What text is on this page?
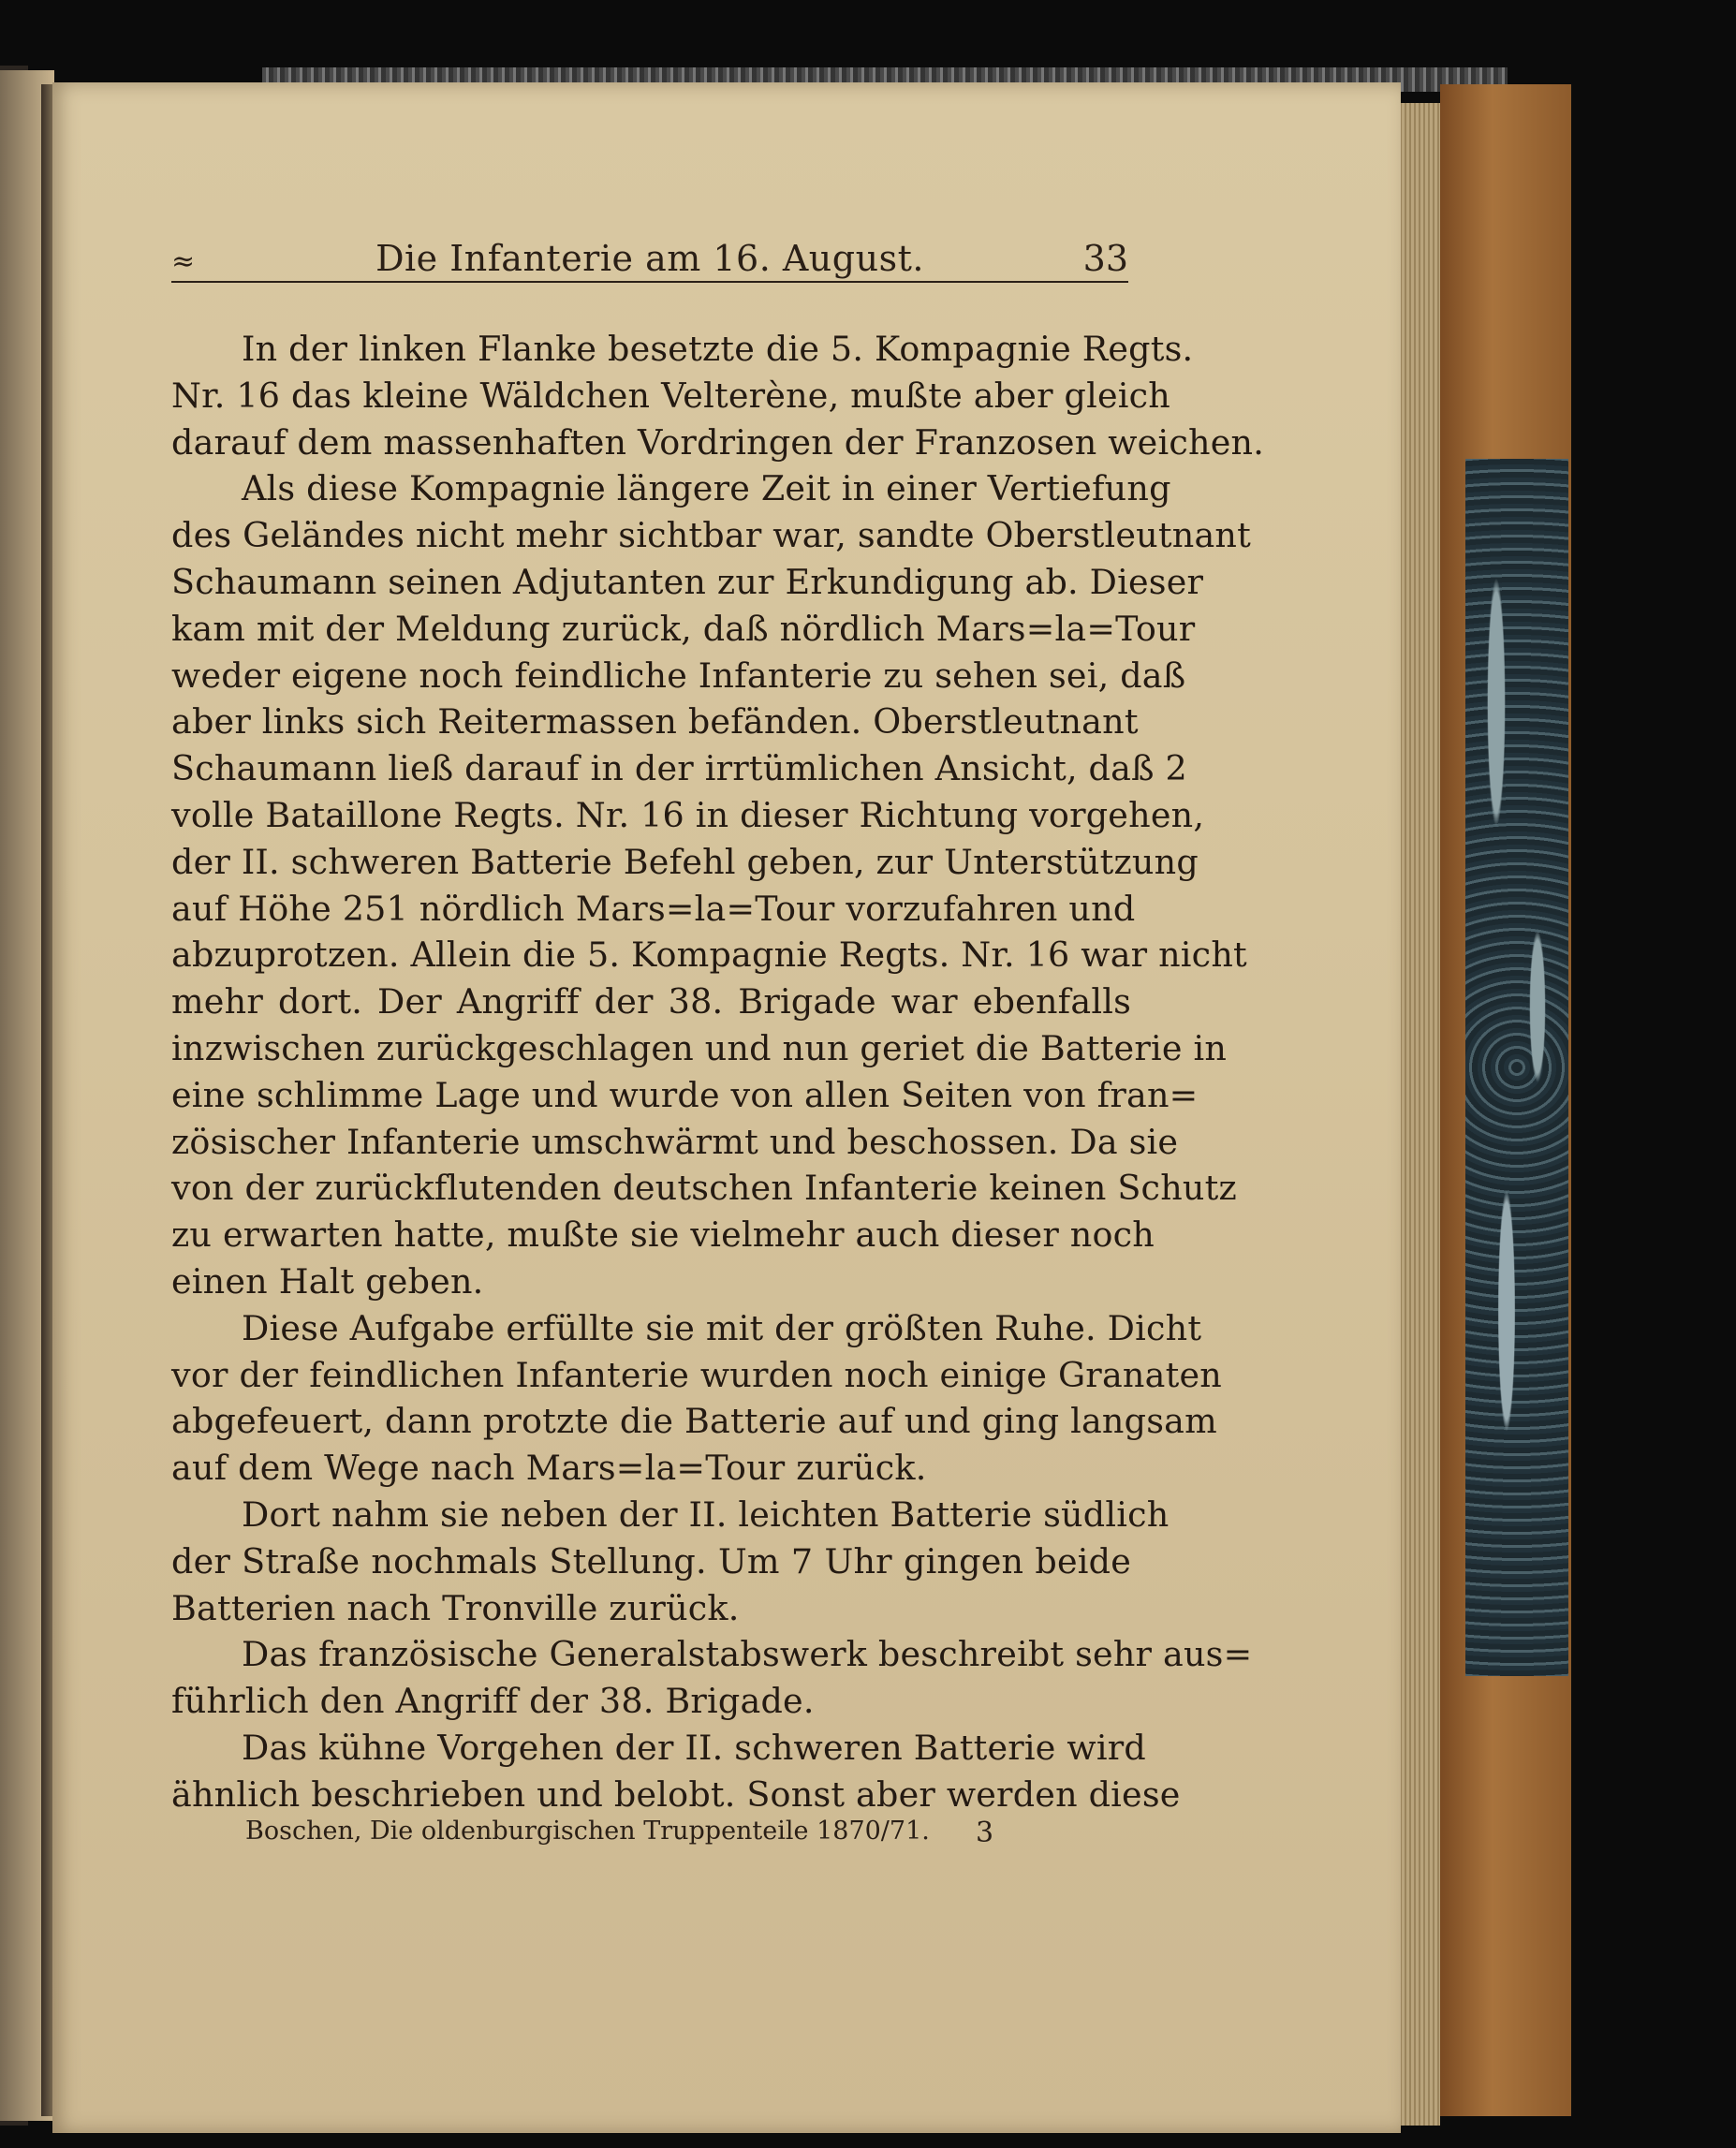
≈	Die Infanterie am 16. August.	33
In der linken Flanke besetzte die 5. Kompagnie Regts.
Nr. 16 das kleine Wäldchen Velterène, mußte aber gleich
darauf dem massenhaften Vordringen der Franzosen weichen.
Als diese Kompagnie längere Zeit in einer Vertiefung
des Geländes nicht mehr sichtbar war, sandte Oberstleutnant
Schaumann seinen Adjutanten zur Erkundigung ab. Dieser
kam mit der Meldung zurück, daß nördlich Mars=la=Tour
weder eigene noch feindliche Infanterie zu sehen sei, daß
aber links sich Reitermassen befänden. Oberstleutnant
Schaumann ließ darauf in der irrtümlichen Ansicht, daß 2
volle Bataillone Regts. Nr. 16 in dieser Richtung vorgehen,
der II. schweren Batterie Befehl geben, zur Unterstützung
auf Höhe 251 nördlich Mars=la=Tour vorzufahren und
abzuprotzen. Allein die 5. Kompagnie Regts. Nr. 16 war nicht
mehr dort. Der Angriff der 38. Brigade war ebenfalls
inzwischen zurückgeschlagen und nun geriet die Batterie in
eine schlimme Lage und wurde von allen Seiten von fran=
zösischer Infanterie umschwärmt und beschossen. Da sie
von der zurückflutenden deutschen Infanterie keinen Schutz
zu erwarten hatte, mußte sie vielmehr auch dieser noch
einen Halt geben.
Diese Aufgabe erfüllte sie mit der größten Ruhe. Dicht
vor der feindlichen Infanterie wurden noch einige Granaten
abgefeuert, dann protzte die Batterie auf und ging langsam
auf dem Wege nach Mars=la=Tour zurück.
Dort nahm sie neben der II. leichten Batterie südlich
der Straße nochmals Stellung. Um 7 Uhr gingen beide
Batterien nach Tronville zurück.
Das französische Generalstabswerk beschreibt sehr aus=
führlich den Angriff der 38. Brigade.
Das kühne Vorgehen der II. schweren Batterie wird
ähnlich beschrieben und belobt. Sonst aber werden diese
Boschen, Die oldenburgischen Truppenteile 1870/71. 3
